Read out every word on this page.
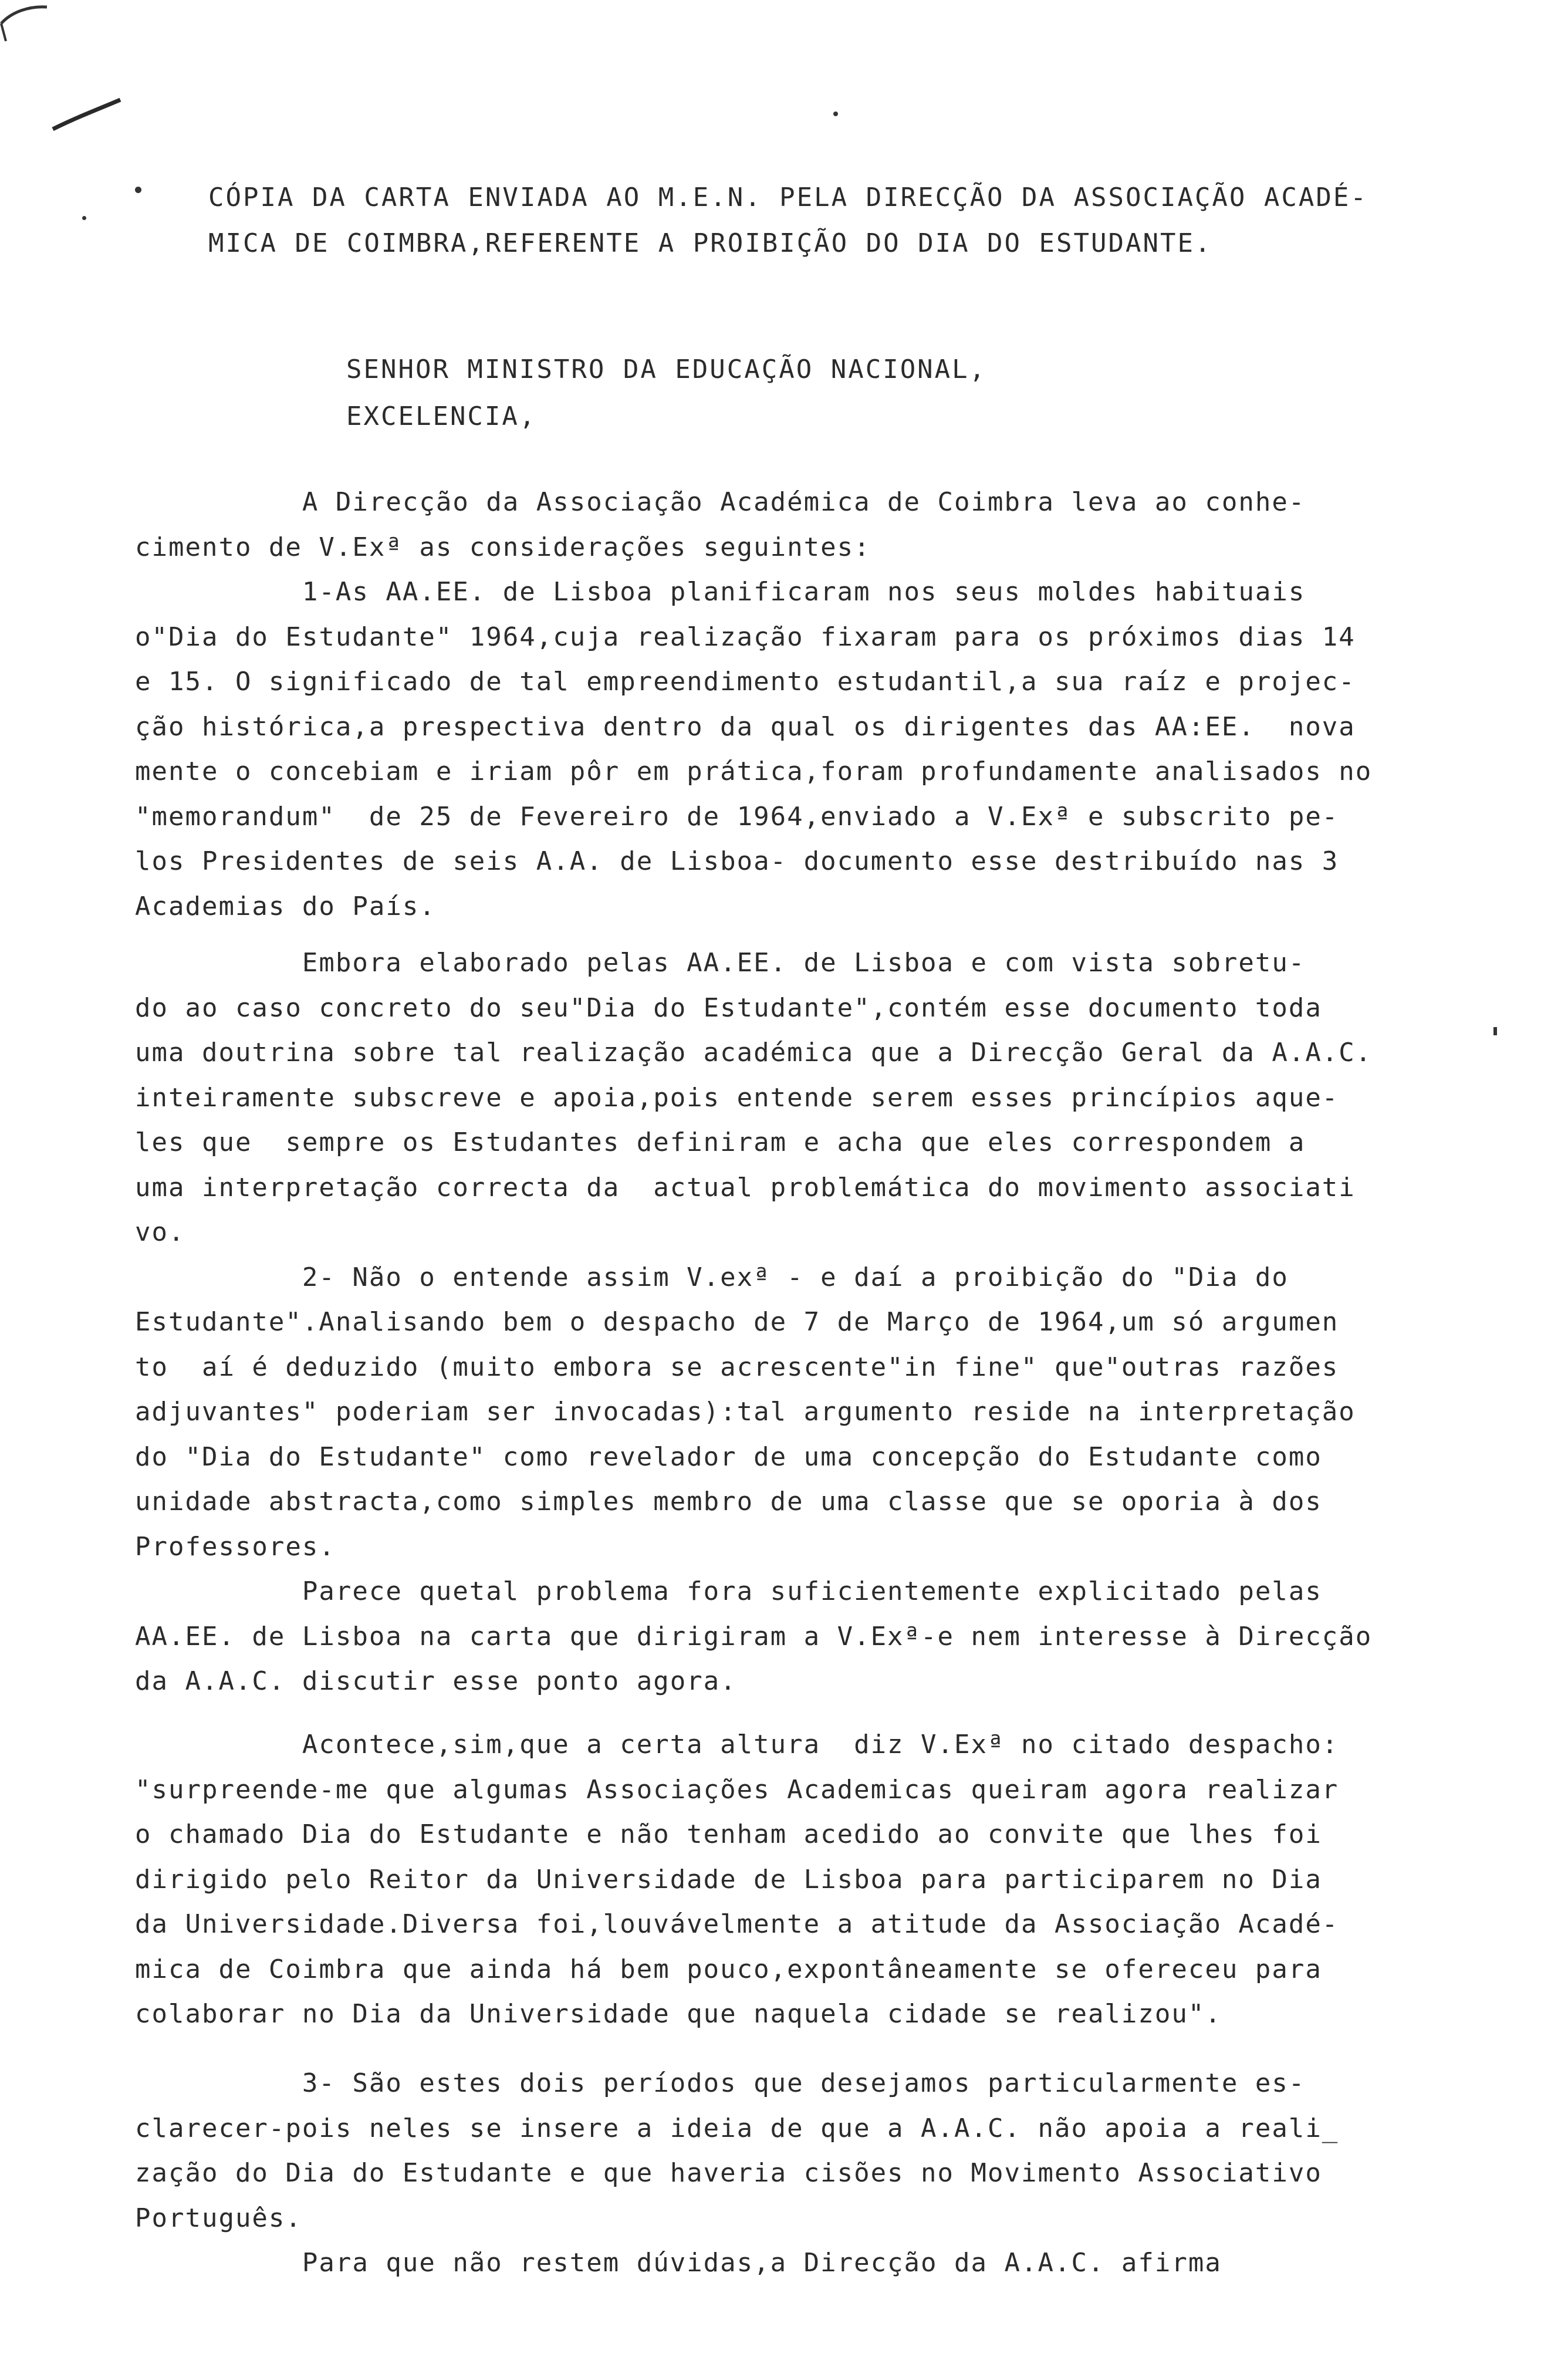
CÓPIA DA CARTA ENVIADA AO M.E.N. PELA DIRECÇÃO DA ASSOCIAÇÃO ACADÉ-
MICA DE COIMBRA,REFERENTE A PROIBIÇÃO DO DIA DO ESTUDANTE.
SENHOR MINISTRO DA EDUCAÇÃO NACIONAL,
EXCELENCIA,
A Direcção da Associação Académica de Coimbra leva ao conhe-
cimento de V.Exª as considerações seguintes:
1-As AA.EE. de Lisboa planificaram nos seus moldes habituais
o"Dia do Estudante" 1964,cuja realização fixaram para os próximos dias 14
e 15. O significado de tal empreendimento estudantil,a sua raíz e projec-
ção histórica,a prespectiva dentro da qual os dirigentes das AA:EE.  nova
mente o concebiam e iriam pôr em prática,foram profundamente analisados no
"memorandum"  de 25 de Fevereiro de 1964,enviado a V.Exª e subscrito pe-
los Presidentes de seis A.A. de Lisboa- documento esse destribuído nas 3
Academias do País.
Embora elaborado pelas AA.EE. de Lisboa e com vista sobretu-
do ao caso concreto do seu"Dia do Estudante",contém esse documento toda
uma doutrina sobre tal realização académica que a Direcção Geral da A.A.C.
inteiramente subscreve e apoia,pois entende serem esses princípios aque-
les que  sempre os Estudantes definiram e acha que eles correspondem a
uma interpretação correcta da  actual problemática do movimento associati
vo.
2- Não o entende assim V.exª - e daí a proibição do "Dia do
Estudante".Analisando bem o despacho de 7 de Março de 1964,um só argumen
to  aí é deduzido (muito embora se acrescente"in fine" que"outras razões
adjuvantes" poderiam ser invocadas):tal argumento reside na interpretação
do "Dia do Estudante" como revelador de uma concepção do Estudante como
unidade abstracta,como simples membro de uma classe que se oporia à dos
Professores.
Parece quetal problema fora suficientemente explicitado pelas
AA.EE. de Lisboa na carta que dirigiram a V.Exª-e nem interesse à Direcção
da A.A.C. discutir esse ponto agora.
Acontece,sim,que a certa altura  diz V.Exª no citado despacho:
"surpreende-me que algumas Associações Academicas queiram agora realizar
o chamado Dia do Estudante e não tenham acedido ao convite que lhes foi
dirigido pelo Reitor da Universidade de Lisboa para participarem no Dia
da Universidade.Diversa foi,louvávelmente a atitude da Associação Acadé-
mica de Coimbra que ainda há bem pouco,expontâneamente se ofereceu para
colaborar no Dia da Universidade que naquela cidade se realizou".
3- São estes dois períodos que desejamos particularmente es-
clarecer-pois neles se insere a ideia de que a A.A.C. não apoia a reali_
zação do Dia do Estudante e que haveria cisões no Movimento Associativo
Português.
Para que não restem dúvidas,a Direcção da A.A.C. afirma
